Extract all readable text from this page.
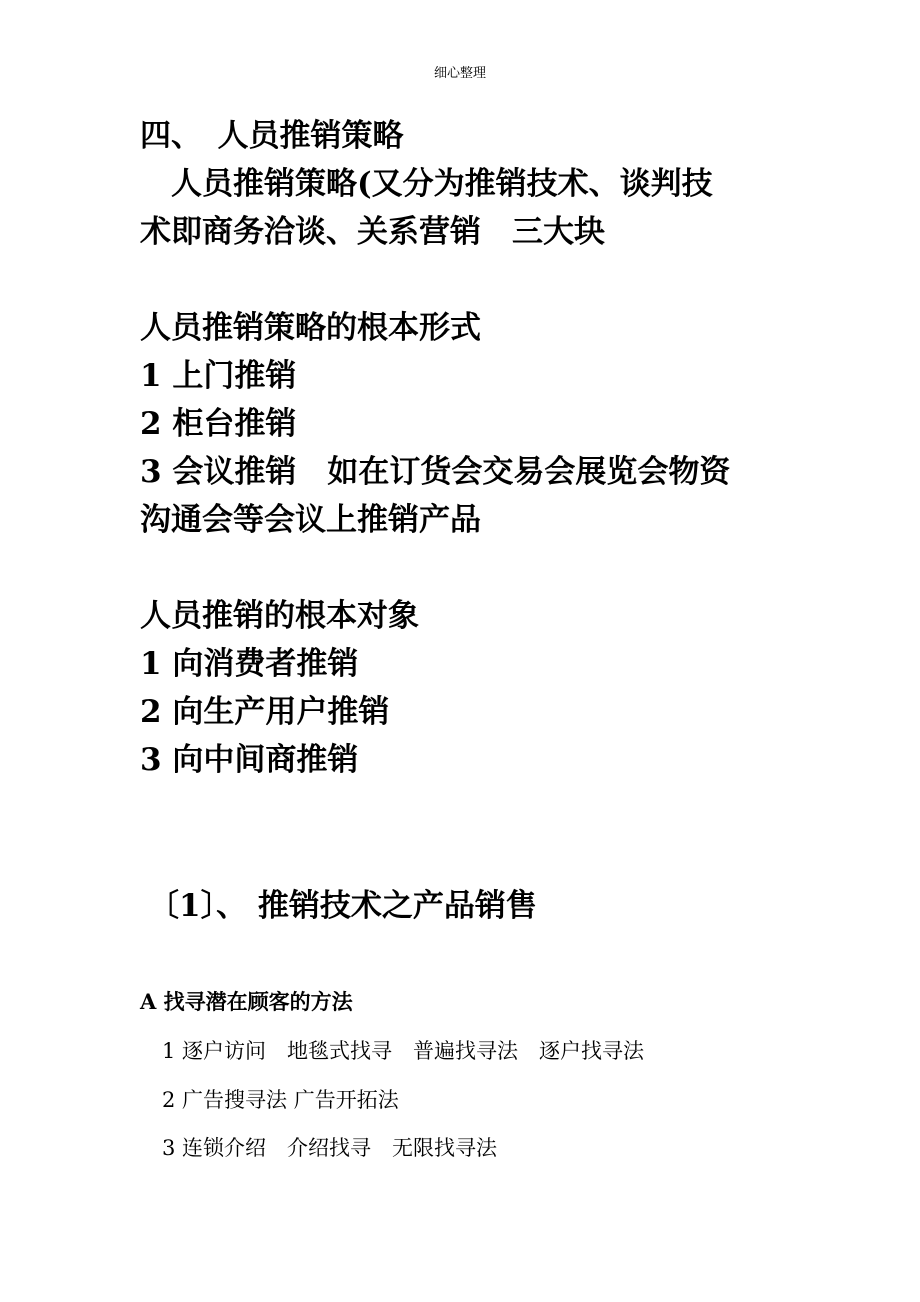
细心整理
四、　人员推销策略
　人员推销策略(又分为推销技术、谈判技
术即商务洽谈、关系营销　三大块
人员推销策略的根本形式
1 上门推销
2 柜台推销
3 会议推销　如在订货会交易会展览会物资
沟通会等会议上推销产品
人员推销的根本对象
1 向消费者推销
2 向生产用户推销
3 向中间商推销
〔1〕、 推销技术之产品销售
A 找寻潜在顾客的方法
1 逐户访问　地毯式找寻　普遍找寻法　逐户找寻法
2 广告搜寻法 广告开拓法
3 连锁介绍　介绍找寻　无限找寻法
